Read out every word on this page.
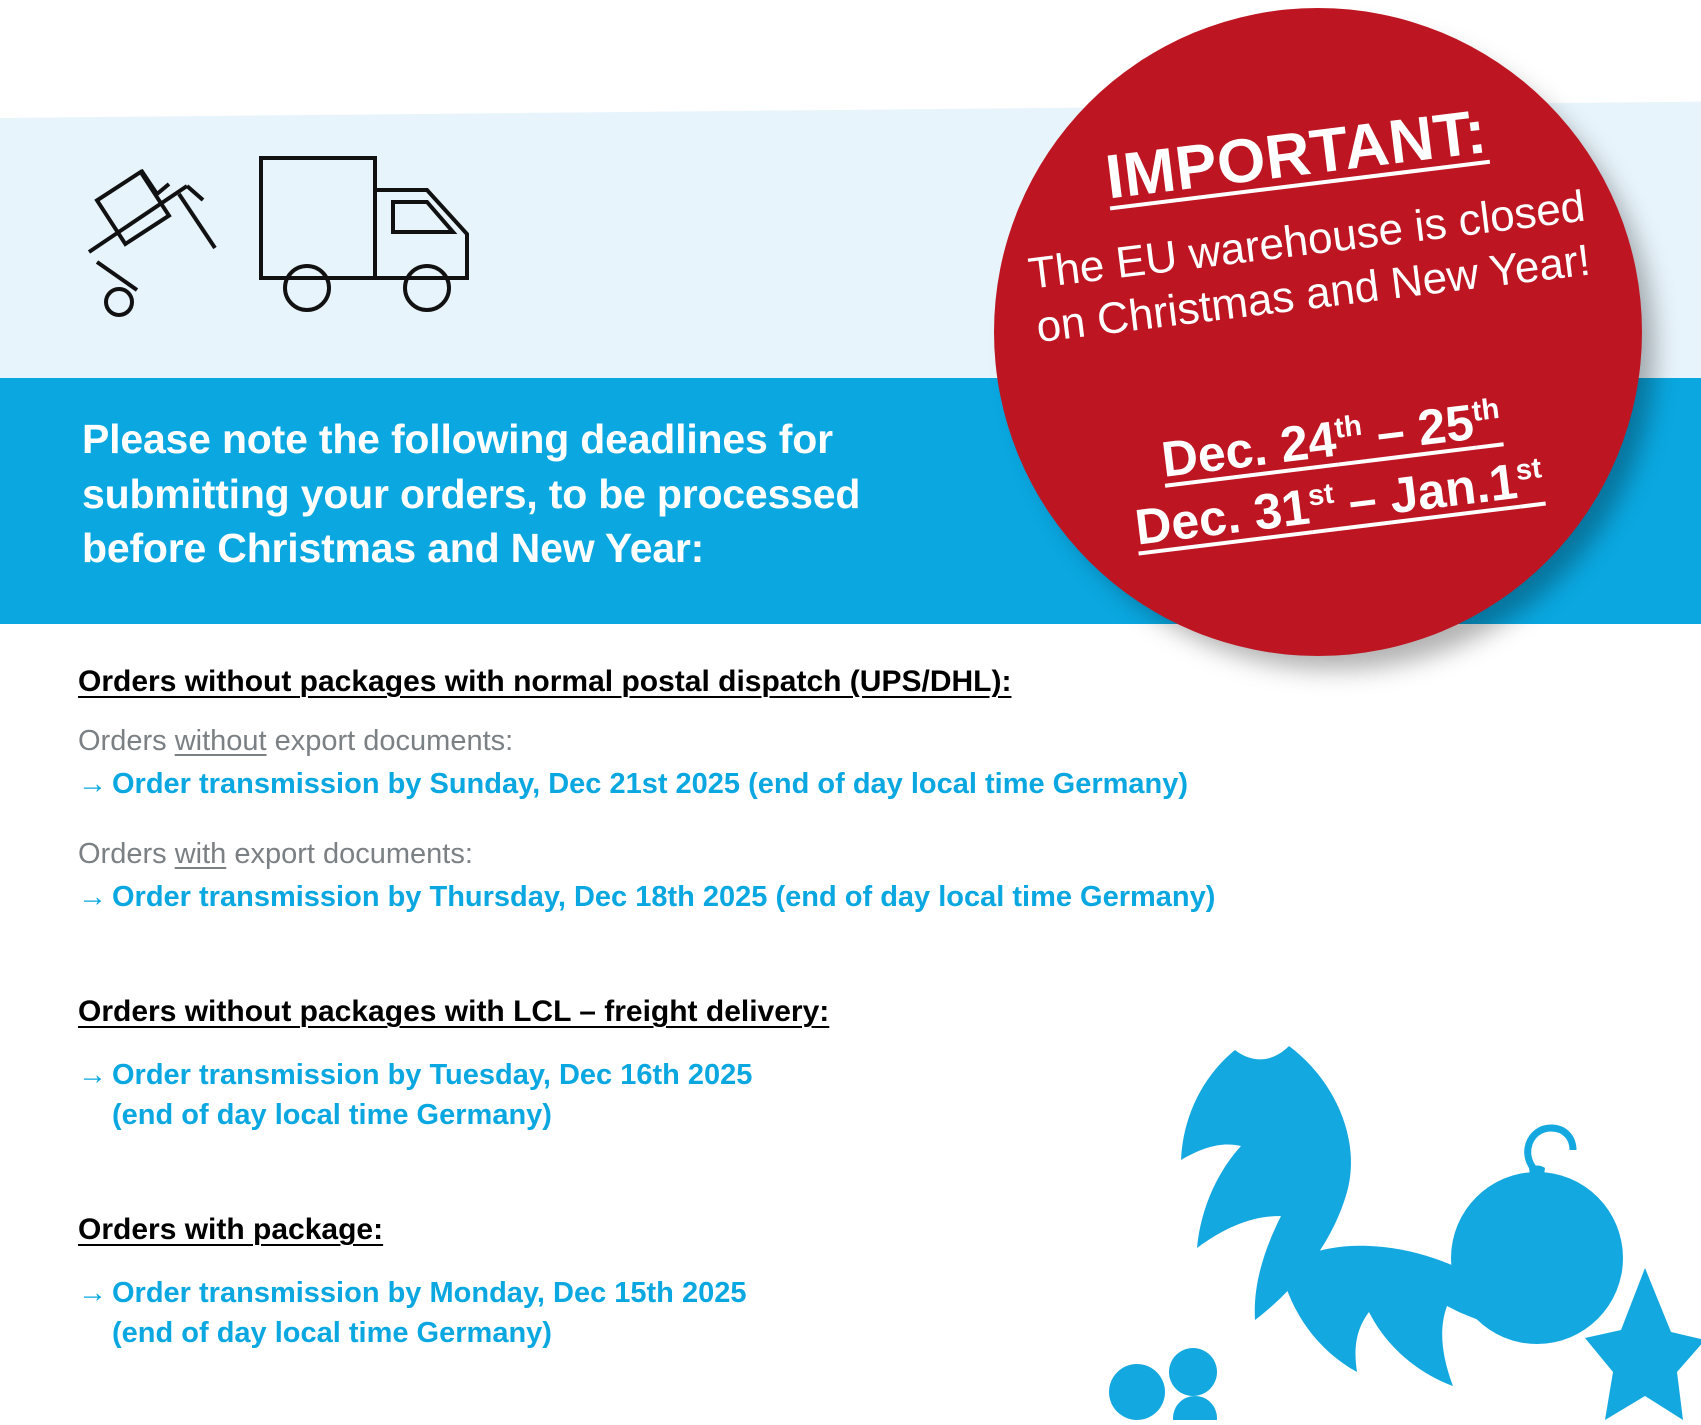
Please note the following deadlines for submitting your orders, to be processed before Christmas and New Year:
IMPORTANT:
The EU warehouse is closed on Christmas and New Year!
Dec. 24th – 25th
Dec. 31st – Jan.1st
Orders without packages with normal postal dispatch (UPS/DHL):

Orders without export documents:

→ Order transmission by Sunday, Dec 21st 2025 (end of day local time Germany)

Orders with export documents:

→ Order transmission by Thursday, Dec 18th 2025 (end of day local time Germany)

Orders without packages with LCL – freight delivery:

→ Order transmission by Tuesday, Dec 16th 2025
(end of day local time Germany)

Orders with package:

→ Order transmission by Monday, Dec 15th 2025
(end of day local time Germany)
